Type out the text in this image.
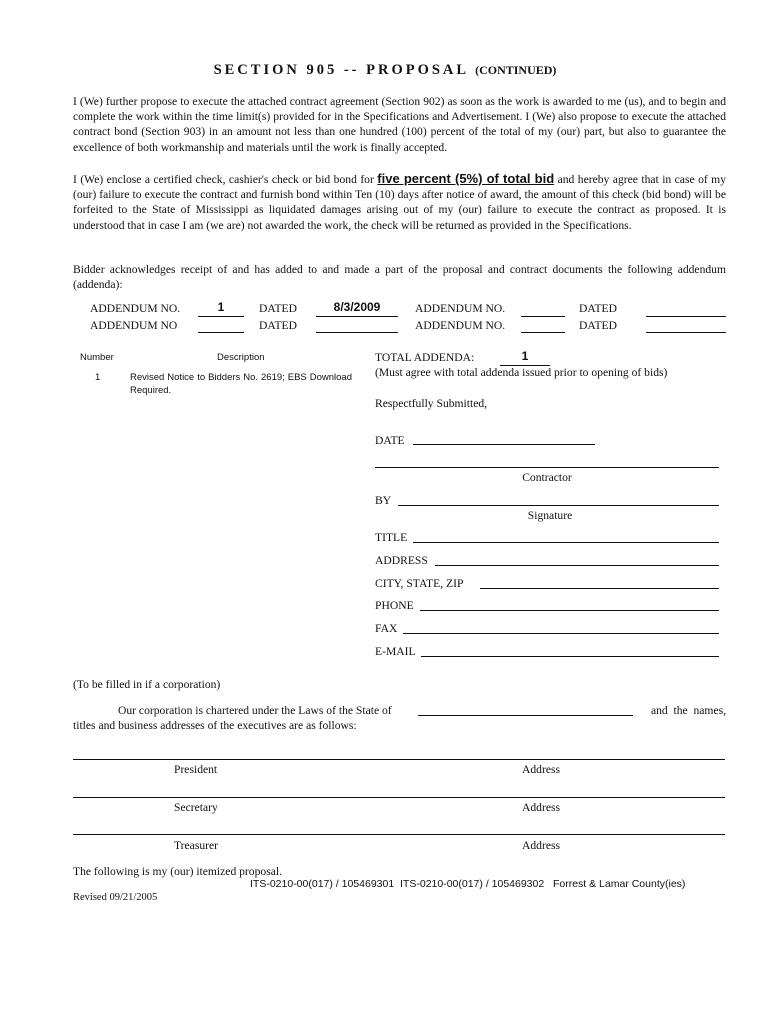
SECTION 905 -- PROPOSAL (CONTINUED)
I (We) further propose to execute the attached contract agreement (Section 902) as soon as the work is awarded to me (us), and to begin and complete the work within the time limit(s) provided for in the Specifications and Advertisement. I (We) also propose to execute the attached contract bond (Section 903) in an amount not less than one hundred (100) percent of the total of my (our) part, but also to guarantee the excellence of both workmanship and materials until the work is finally accepted.
I (We) enclose a certified check, cashier's check or bid bond for five percent (5%) of total bid and hereby agree that in case of my (our) failure to execute the contract and furnish bond within Ten (10) days after notice of award, the amount of this check (bid bond) will be forfeited to the State of Mississippi as liquidated damages arising out of my (our) failure to execute the contract as proposed. It is understood that in case I am (we are) not awarded the work, the check will be returned as provided in the Specifications.
Bidder acknowledges receipt of and has added to and made a part of the proposal and contract documents the following addendum (addenda):
ADDENDUM NO.	1	DATED	8/3/2009	ADDENDUM NO.	DATED
ADDENDUM NO	DATED	ADDENDUM NO.	DATED
Number	Description
1	Revised Notice to Bidders No. 2619; EBS Download Required.
TOTAL ADDENDA:	1
(Must agree with total addenda issued prior to opening of bids)
Respectfully Submitted,
DATE
Contractor
BY
Signature
TITLE
ADDRESS
CITY, STATE, ZIP
PHONE
FAX
E-MAIL
(To be filled in if a corporation)
Our corporation is chartered under the Laws of the State of	and  the  names,
titles and business addresses of the executives are as follows:
President	Address
Secretary	Address
Treasurer	Address
The following is my (our) itemized proposal.
ITS-0210-00(017) / 105469301  ITS-0210-00(017) / 105469302   Forrest & Lamar County(ies)
Revised 09/21/2005
